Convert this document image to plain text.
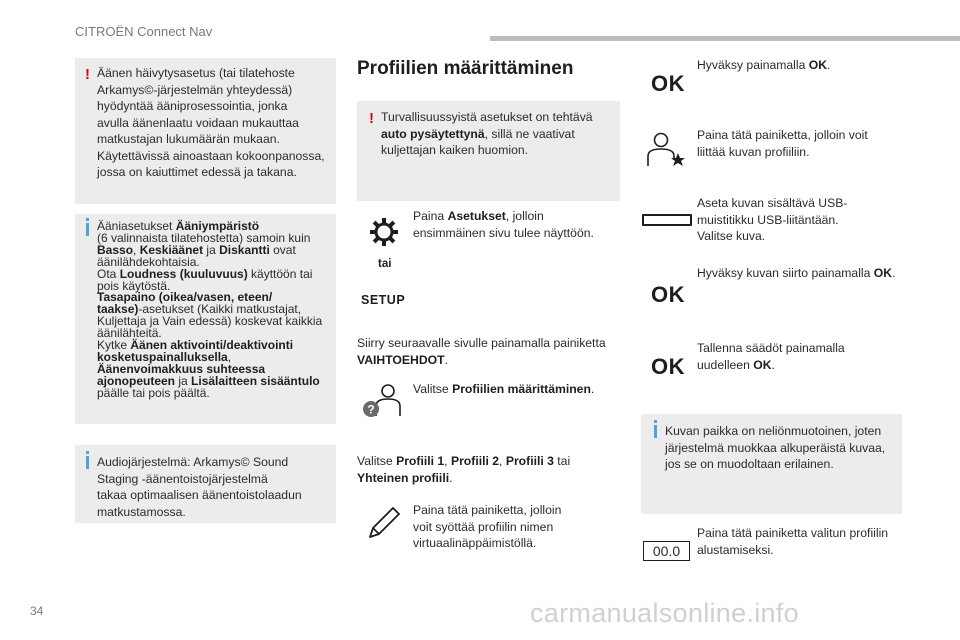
CITROËN Connect Nav
! Äänen häivytysasetus (tai tilatehoste
Arkamys©-järjestelmän yhteydessä)
hyödyntää ääniprosessointia, jonka
avulla äänenlaatu voidaan mukauttaa
matkustajan lukumäärän mukaan.
Käytettävissä ainoastaan kokoonpanossa,
jossa on kaiuttimet edessä ja takana.
Ääniasetukset Ääniympäristö
(6 valinnaista tilatehostetta) samoin kuin
Basso, Keskiäänet ja Diskantti ovat
äänilähdekohtaisia.
Ota Loudness (kuuluvuus) käyttöön tai
pois käytöstä.
Tasapaino (oikea/vasen, eteen/
taakse)-asetukset (Kaikki matkustajat,
Kuljettaja ja Vain edessä) koskevat kaikkia
äänilähteitä.
Kytke Äänen aktivointi/deaktivointi
kosketuspainalluksella,
Äänenvoimakkuus suhteessa
ajonopeuteen ja Lisälaitteen sisääntulo
päälle tai pois päältä.
Audiojärjestelmä: Arkamys© Sound
Staging -äänentoistojärjestelmä
takaa optimaalisen äänentoistolaadun
matkustamossa.
Profiilien määrittäminen
! Turvallisuussyistä asetukset on tehtävä
auto pysäytettynä, sillä ne vaativat
kuljettajan kaiken huomion.
Paina Asetukset, jolloin
ensimmäinen sivu tulee näyttöön.
tai
SETUP
Siirry seuraavalle sivulle painamalla painiketta
VAIHTOEHDOT.
?
Valitse Profiilien määrittäminen.
Valitse Profiili 1, Profiili 2, Profiili 3 tai
Yhteinen profiili.
Paina tätä painiketta, jolloin
voit syöttää profiilin nimen
virtuaalinäppäimistöllä.
OK
Hyväksy painamalla OK.
Paina tätä painiketta, jolloin voit
liittää kuvan profiiliin.
Aseta kuvan sisältävä USB-
muistitikku USB-liitäntään.
Valitse kuva.
OK
Hyväksy kuvan siirto painamalla OK.
OK
Tallenna säädöt painamalla
uudelleen OK.
Kuvan paikka on neliönmuotoinen, joten
järjestelmä muokkaa alkuperäistä kuvaa,
jos se on muodoltaan erilainen.
00.0
Paina tätä painiketta valitun profiilin
alustamiseksi.
34	carmanualsonline.info
